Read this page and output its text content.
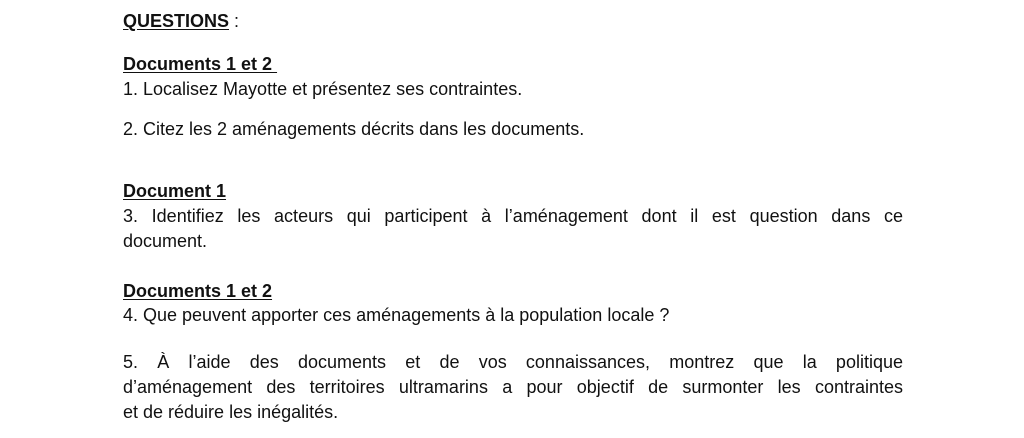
QUESTIONS :
Documents 1 et 2
1. Localisez Mayotte et présentez ses contraintes.
2. Citez les 2 aménagements décrits dans les documents.
Document 1
3. Identifiez les acteurs qui participent à l’aménagement dont il est question dans ce
document.
Documents 1 et 2
4. Que peuvent apporter ces aménagements à la population locale ?
5. À l’aide des documents et de vos connaissances, montrez que la politique
d’aménagement des territoires ultramarins a pour objectif de surmonter les contraintes
et de réduire les inégalités.
